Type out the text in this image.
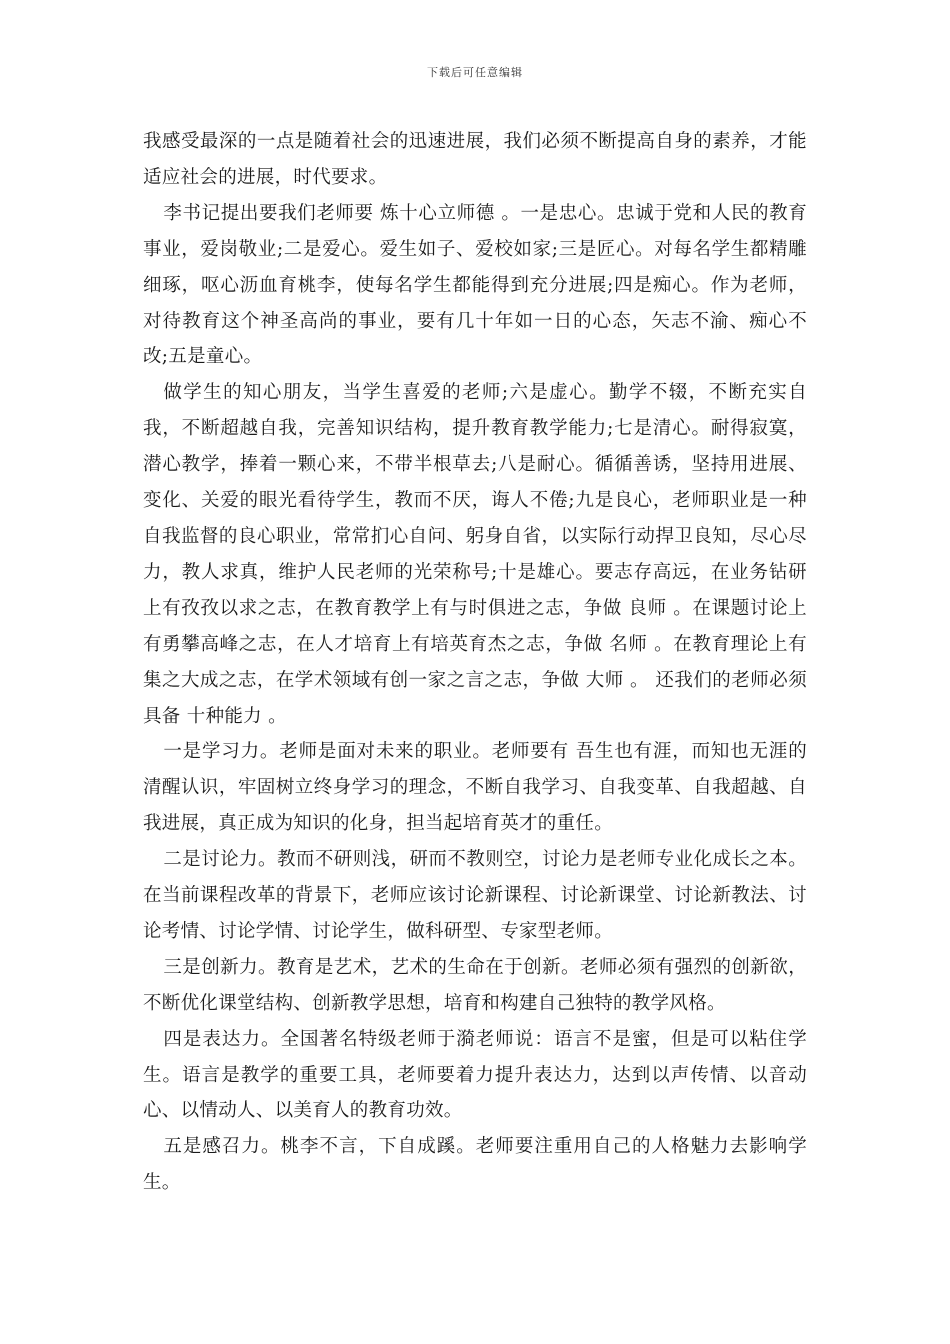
下载后可任意编辑

我感受最深的一点是随着社会的迅速进展，我们必须不断提高自身的素养，才能适应社会的进展，时代要求。

李书记提出要我们老师要 炼十心立师德 。一是忠心。忠诚于党和人民的教育事业，爱岗敬业;二是爱心。爱生如子、爱校如家;三是匠心。对每名学生都精雕细琢，呕心沥血育桃李，使每名学生都能得到充分进展;四是痴心。作为老师，对待教育这个神圣高尚的事业，要有几十年如一日的心态，矢志不渝、痴心不改;五是童心。

做学生的知心朋友，当学生喜爱的老师;六是虚心。勤学不辍，不断充实自我，不断超越自我，完善知识结构，提升教育教学能力;七是清心。耐得寂寞，潜心教学，捧着一颗心来，不带半根草去;八是耐心。循循善诱，坚持用进展、变化、关爱的眼光看待学生，教而不厌，诲人不倦;九是良心，老师职业是一种自我监督的良心职业，常常扪心自问、躬身自省，以实际行动捍卫良知，尽心尽力，教人求真，维护人民老师的光荣称号;十是雄心。要志存高远，在业务钻研上有孜孜以求之志，在教育教学上有与时俱进之志，争做 良师 。在课题讨论上有勇攀高峰之志，在人才培育上有培英育杰之志，争做 名师 。在教育理论上有集之大成之志，在学术领域有创一家之言之志，争做 大师 。 还我们的老师必须具备 十种能力 。

一是学习力。老师是面对未来的职业。老师要有 吾生也有涯，而知也无涯的清醒认识，牢固树立终身学习的理念，不断自我学习、自我变革、自我超越、自我进展，真正成为知识的化身，担当起培育英才的重任。

二是讨论力。教而不研则浅，研而不教则空，讨论力是老师专业化成长之本。在当前课程改革的背景下，老师应该讨论新课程、讨论新课堂、讨论新教法、讨论考情、讨论学情、讨论学生，做科研型、专家型老师。

三是创新力。教育是艺术，艺术的生命在于创新。老师必须有强烈的创新欲，不断优化课堂结构、创新教学思想，培育和构建自己独特的教学风格。

四是表达力。全国著名特级老师于漪老师说：语言不是蜜，但是可以粘住学生。语言是教学的重要工具，老师要着力提升表达力，达到以声传情、以音动心、以情动人、以美育人的教育功效。

五是感召力。桃李不言，下自成蹊。老师要注重用自己的人格魅力去影响学生。
